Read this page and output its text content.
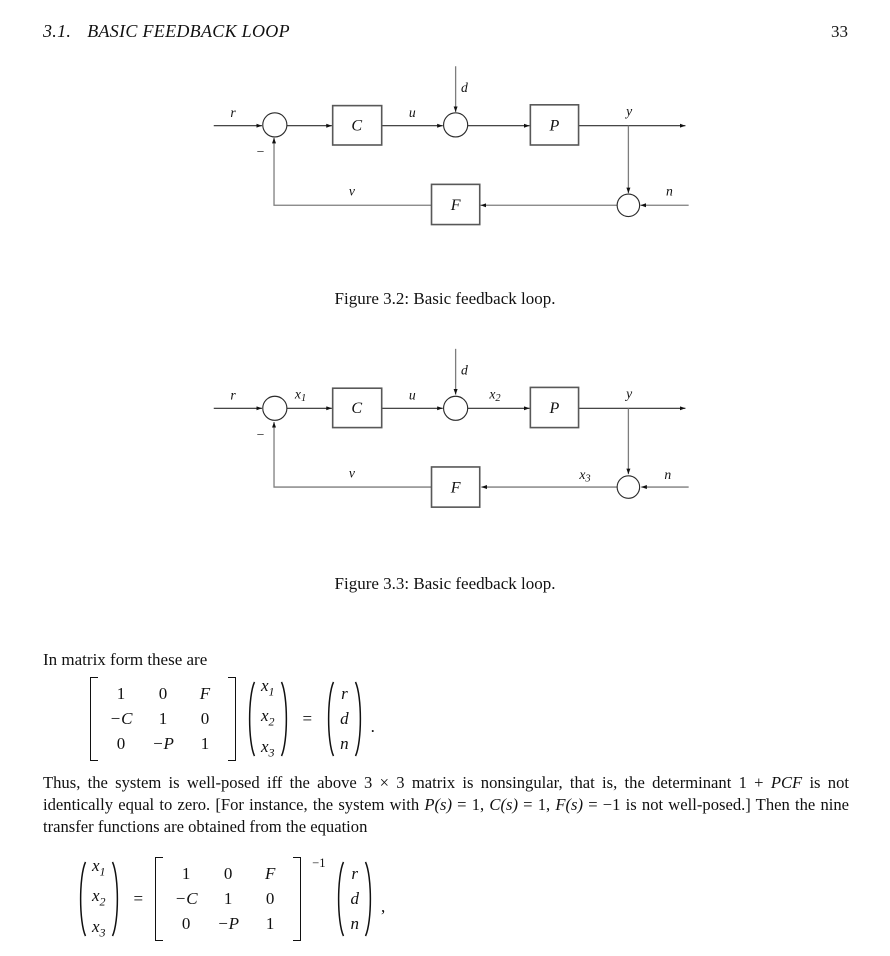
3.1. BASIC FEEDBACK LOOP	33
C	P
F
r	u
d
y
v	n
−
Figure 3.2: Basic feedback loop.
C	P
F
r	x1	u
d
x2	y
v	x3	n
−
Figure 3.3: Basic feedback loop.
In matrix form these are
1 0 F
−C 1 0
0 −P 1
$x_1$
$x_2$
$x_3$
=
r
d
n
.

Thus, the system is well-posed iff the above 3 × 3 matrix is nonsingular, that is, the determinant 1 + PCF is not identically equal to zero. [For instance, the system with P(s) = 1, C(s) = 1, F(s) = −1 is not well-posed.] Then the nine transfer functions are obtained from the equation

$x_1$
$x_2$
$x_3$
=
1 0 F
−C 1 0
0 −P 1
−1
r
d
n
,
